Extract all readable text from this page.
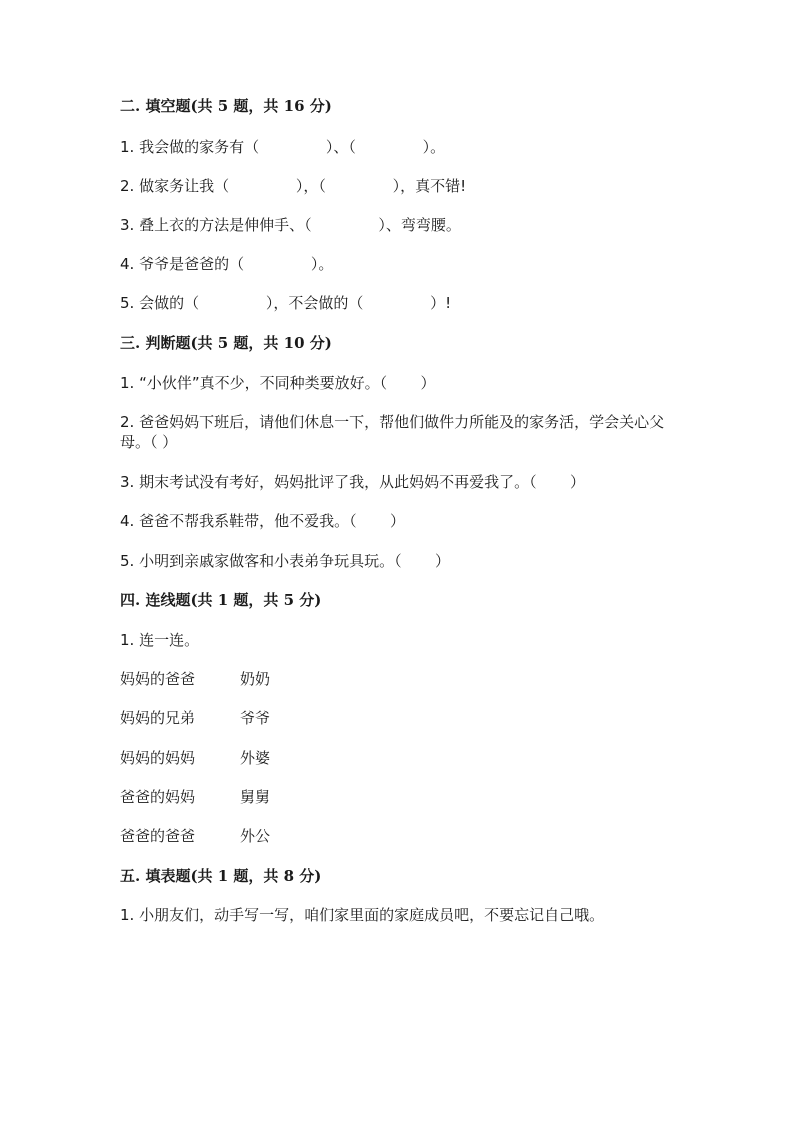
二. 填空题(共 5 题，共 16 分)
1. 我会做的家务有（              ）、（              ）。
2. 做家务让我（              ），（              ），真不错!
3. 叠上衣的方法是伸伸手、（              ）、弯弯腰。
4. 爷爷是爸爸的（              ）。
5. 会做的（              ），不会做的（              ）!
三. 判断题(共 5 题，共 10 分)
1. “小伙伴”真不少，不同种类要放好。（       ）
2. 爸爸妈妈下班后，请他们休息一下，帮他们做件力所能及的家务活，学会关心父母。（ ）
3. 期末考试没有考好，妈妈批评了我，从此妈妈不再爱我了。（       ）
4. 爸爸不帮我系鞋带，他不爱我。（       ）
5. 小明到亲戚家做客和小表弟争玩具玩。（       ）
四. 连线题(共 1 题，共 5 分)
1. 连一连。
妈妈的爸爸	奶奶
妈妈的兄弟	爷爷
妈妈的妈妈	外婆
爸爸的妈妈	舅舅
爸爸的爸爸	外公
五. 填表题(共 1 题，共 8 分)
1. 小朋友们，动手写一写，咱们家里面的家庭成员吧，不要忘记自己哦。
